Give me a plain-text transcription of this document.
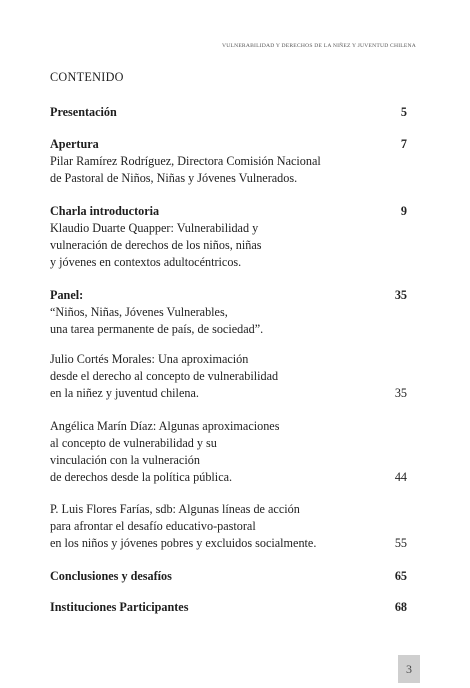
VULNERABILIDAD Y DERECHOS DE LA NIÑEZ Y JUVENTUD CHILENA
CONTENIDO
Presentación	5
Apertura	7
Pilar Ramírez Rodríguez, Directora Comisión Nacional
de Pastoral de Niños, Niñas y Jóvenes Vulnerados.
Charla introductoria	9
Klaudio Duarte Quapper: Vulnerabilidad y
vulneración de derechos de los niños, niñas
y jóvenes en contextos adultocéntricos.
Panel:	35
“Niños, Niñas, Jóvenes Vulnerables,
una tarea permanente de país, de sociedad”.
Julio Cortés Morales: Una aproximación
desde el derecho al concepto de vulnerabilidad
en la niñez y juventud chilena.	35
Angélica Marín Díaz: Algunas aproximaciones
al concepto de vulnerabilidad y su
vinculación con la vulneración
de derechos desde la política pública.	44
P. Luis Flores Farías, sdb: Algunas líneas de acción
para afrontar el desafío educativo-pastoral
en los niños y jóvenes pobres y excluidos socialmente.	55
Conclusiones y desafíos	65
Instituciones Participantes	68
3
